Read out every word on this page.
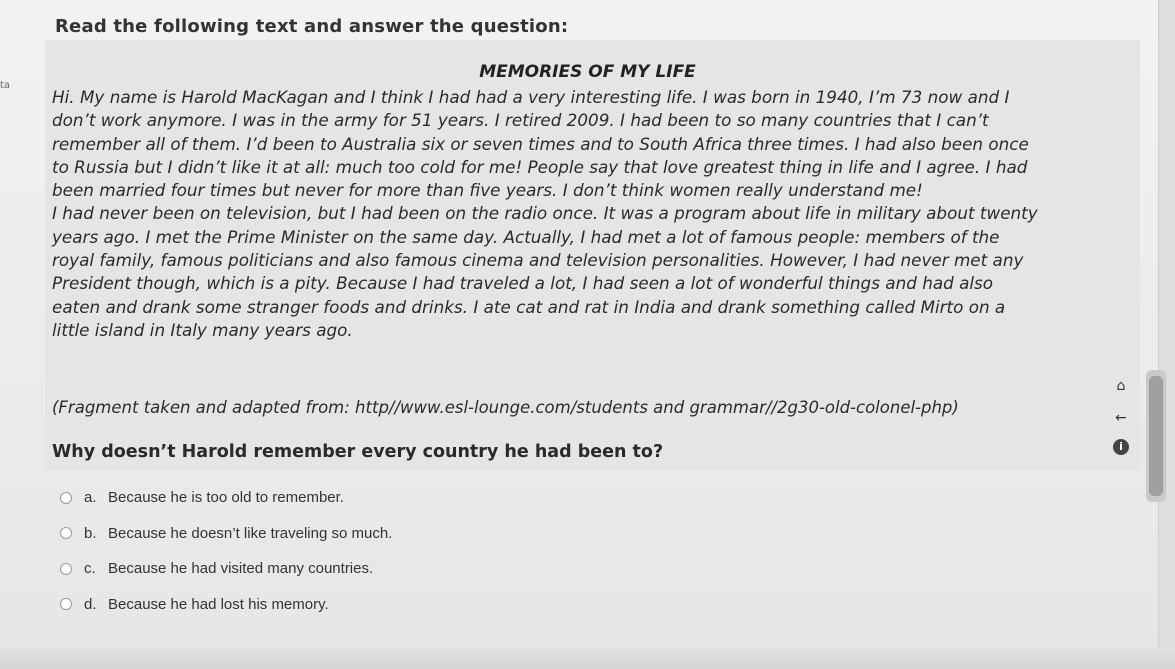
ta
Read the following text and answer the question:
MEMORIES OF MY LIFE

Hi. My name is Harold MacKagan and I think I had had a very interesting life. I was born in 1940, I’m 73 now and I
don’t work anymore. I was in the army for 51 years. I retired 2009. I had been to so many countries that I can’t
remember all of them. I’d been to Australia six or seven times and to South Africa three times. I had also been once
to Russia but I didn’t like it at all: much too cold for me! People say that love greatest thing in life and I agree. I had
been married four times but never for more than five years. I don’t think women really understand me!

I had never been on television, but I had been on the radio once. It was a program about life in military about twenty
years ago. I met the Prime Minister on the same day. Actually, I had met a lot of famous people: members of the
royal family, famous politicians and also famous cinema and television personalities. However, I had never met any
President though, which is a pity. Because I had traveled a lot, I had seen a lot of wonderful things and had also
eaten and drank some stranger foods and drinks. I ate cat and rat in India and drank something called Mirto on a
little island in Italy many years ago.

(Fragment taken and adapted from: http//www.esl-lounge.com/students and grammar//2g30-old-colonel-php)
Why doesn’t Harold remember every country he had been to?
a. Because he is too old to remember.
b. Because he doesn’t like traveling so much.
c. Because he had visited many countries.
d. Because he had lost his memory.
⌂
←
i
